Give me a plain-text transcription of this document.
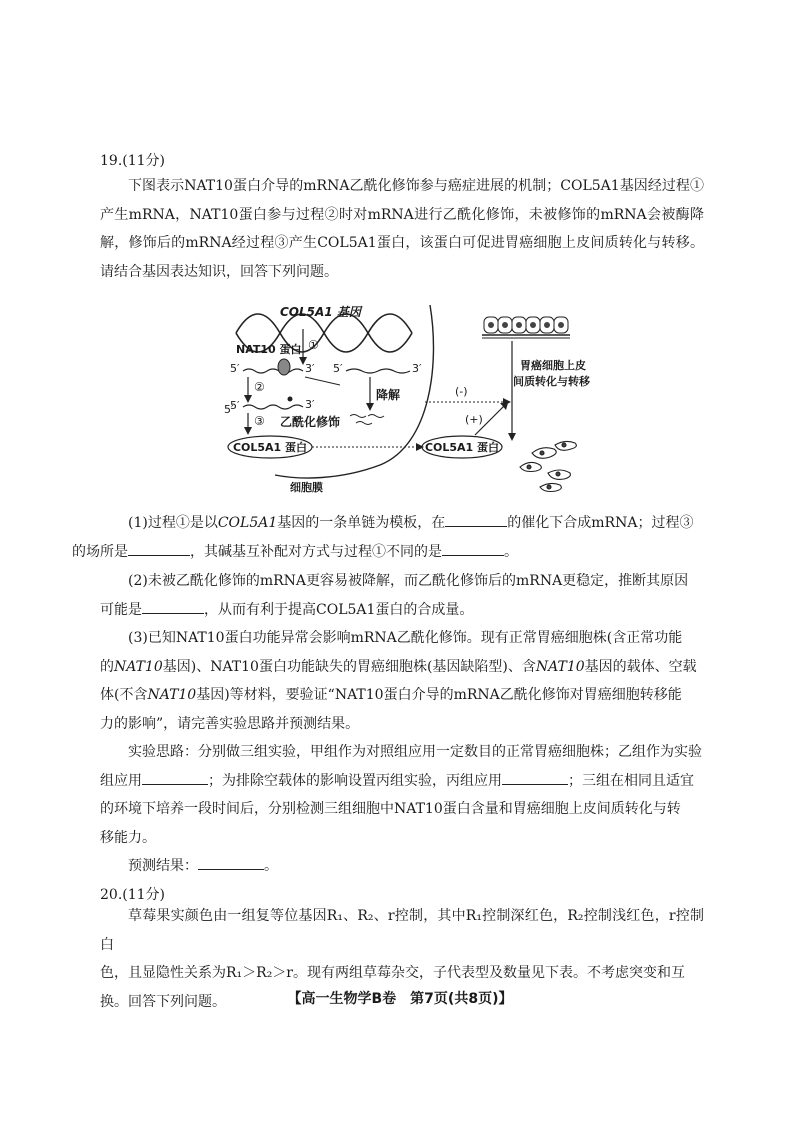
19.(11分)
下图表示NAT10蛋白介导的mRNA乙酰化修饰参与癌症进展的机制；COL5A1基因经过程①产生mRNA，NAT10蛋白参与过程②时对mRNA进行乙酰化修饰，未被修饰的mRNA会被酶降解，修饰后的mRNA经过程③产生COL5A1蛋白，该蛋白可促进胃癌细胞上皮间质转化与转移。请结合基因表达知识，回答下列问题。
COL5A1 基因
①
NAT10 蛋白
5′	3′ 5′	3′
②
5′	3′
降解
5′
③ 乙酰化修饰
COL5A1 蛋白
细胞膜
COL5A1 蛋白
胃癌细胞上皮
间质转化与转移
(-)
(+)
(1)过程①是以COL5A1基因的一条单链为模板，在	的催化下合成mRNA；过程③
的场所是	，其碱基互补配对方式与过程①不同的是	。
(2)未被乙酰化修饰的mRNA更容易被降解，而乙酰化修饰后的mRNA更稳定，推断其原因
可能是	，从而有利于提高COL5A1蛋白的合成量。
(3)已知NAT10蛋白功能异常会影响mRNA乙酰化修饰。现有正常胃癌细胞株(含正常功能
的NAT10基因)、NAT10蛋白功能缺失的胃癌细胞株(基因缺陷型)、含NAT10基因的载体、空载
体(不含NAT10基因)等材料，要验证“NAT10蛋白介导的mRNA乙酰化修饰对胃癌细胞转移能
力的影响”，请完善实验思路并预测结果。
实验思路：分别做三组实验，甲组作为对照组应用一定数目的正常胃癌细胞株；乙组作为实验
组应用	；为排除空载体的影响设置丙组实验，丙组应用	；三组在相同且适宜
的环境下培养一段时间后，分别检测三组细胞中NAT10蛋白含量和胃癌细胞上皮间质转化与转
移能力。
预测结果：	。
20.(11分)
草莓果实颜色由一组复等位基因R₁、R₂、r控制，其中R₁控制深红色，R₂控制浅红色，r控制白
色，且显隐性关系为R₁＞R₂＞r。现有两组草莓杂交，子代表型及数量见下表。不考虑突变和互
换。回答下列问题。	【高一生物学B卷　第7页(共8页)】
